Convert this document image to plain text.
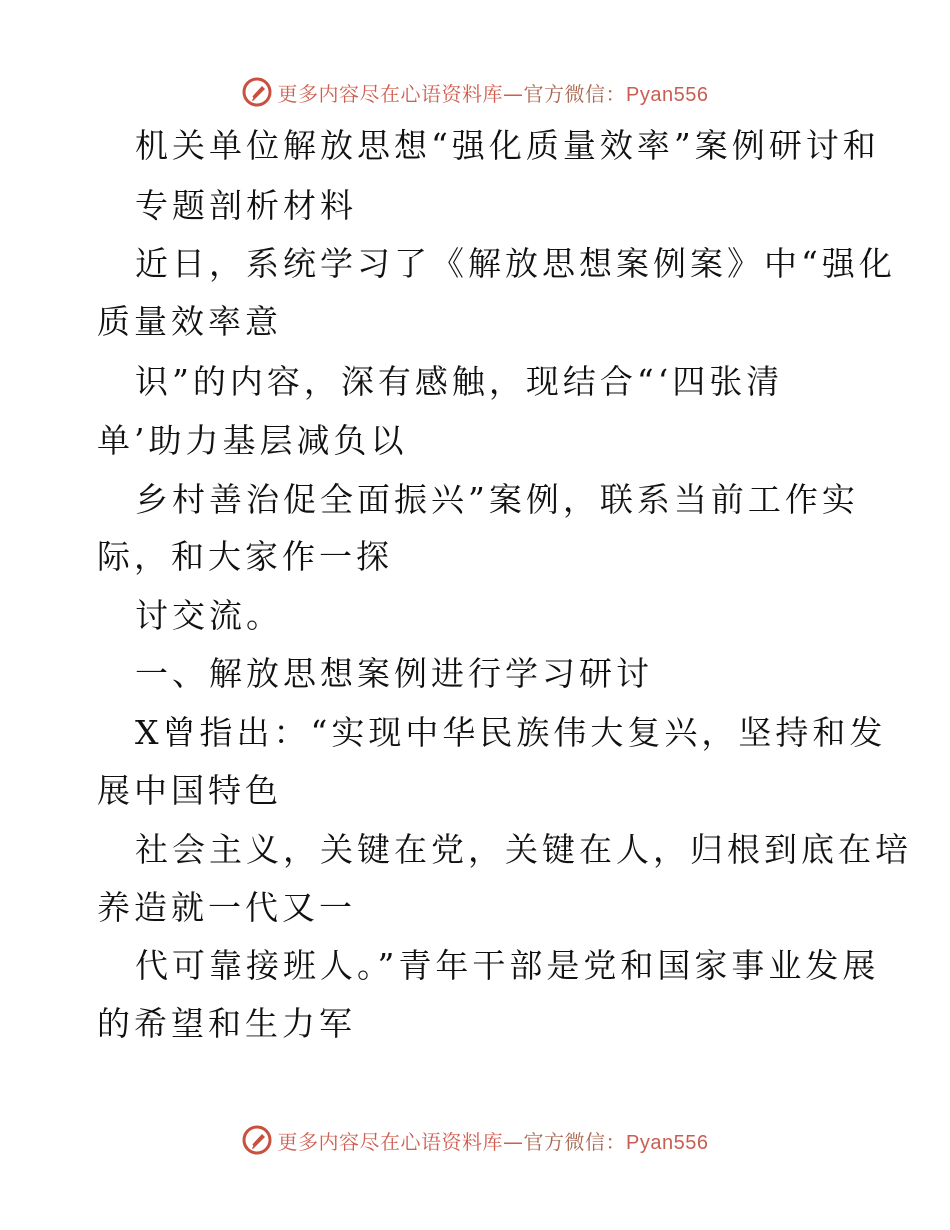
更多内容尽在心语资料库—官方微信：Pyan556
机关单位解放思想“强化质量效率”案例研讨和
专题剖析材料
近日，系统学习了《解放思想案例案》中“强化
质量效率意
识”的内容，深有感触，现结合“‘四张清
单’助力基层减负以
乡村善治促全面振兴”案例，联系当前工作实
际，和大家作一探
讨交流。
一、解放思想案例进行学习研讨
X曾指出：“实现中华民族伟大复兴，坚持和发
展中国特色
社会主义，关键在党，关键在人，归根到底在培
养造就一代又一
代可靠接班人。”青年干部是党和国家事业发展
的希望和生力军
更多内容尽在心语资料库—官方微信：Pyan556
